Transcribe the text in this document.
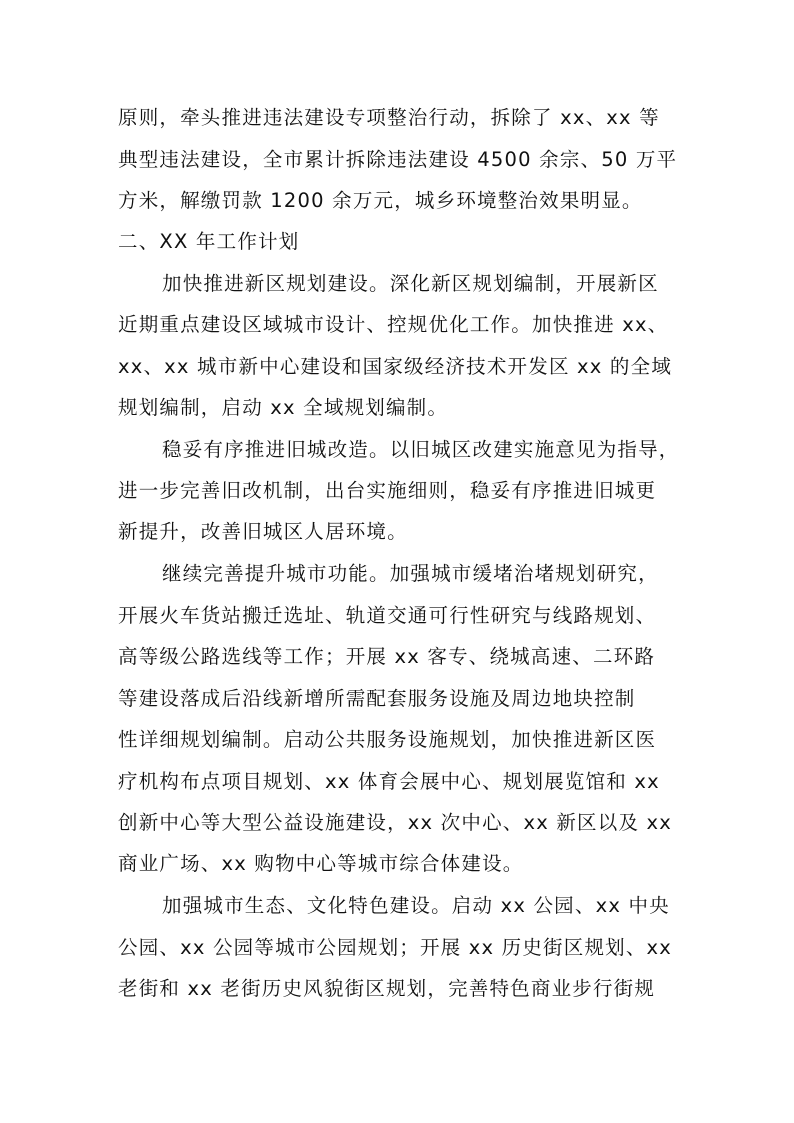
原则，牵头推进违法建设专项整治行动，拆除了 xx、xx 等
典型违法建设，全市累计拆除违法建设 4500 余宗、50 万平
方米，解缴罚款 1200 余万元，城乡环境整治效果明显。
二、XX 年工作计划
加快推进新区规划建设。深化新区规划编制，开展新区
近期重点建设区域城市设计、控规优化工作。加快推进 xx、
xx、xx 城市新中心建设和国家级经济技术开发区 xx 的全域
规划编制，启动 xx 全域规划编制。
稳妥有序推进旧城改造。以旧城区改建实施意见为指导，
进一步完善旧改机制，出台实施细则，稳妥有序推进旧城更
新提升，改善旧城区人居环境。
继续完善提升城市功能。加强城市缓堵治堵规划研究，
开展火车货站搬迁选址、轨道交通可行性研究与线路规划、
高等级公路选线等工作；开展 xx 客专、绕城高速、二环路
等建设落成后沿线新增所需配套服务设施及周边地块控制
性详细规划编制。启动公共服务设施规划，加快推进新区医
疗机构布点项目规划、xx 体育会展中心、规划展览馆和 xx
创新中心等大型公益设施建设，xx 次中心、xx 新区以及 xx
商业广场、xx 购物中心等城市综合体建设。
加强城市生态、文化特色建设。启动 xx 公园、xx 中央
公园、xx 公园等城市公园规划；开展 xx 历史街区规划、xx
老街和 xx 老街历史风貌街区规划，完善特色商业步行街规
